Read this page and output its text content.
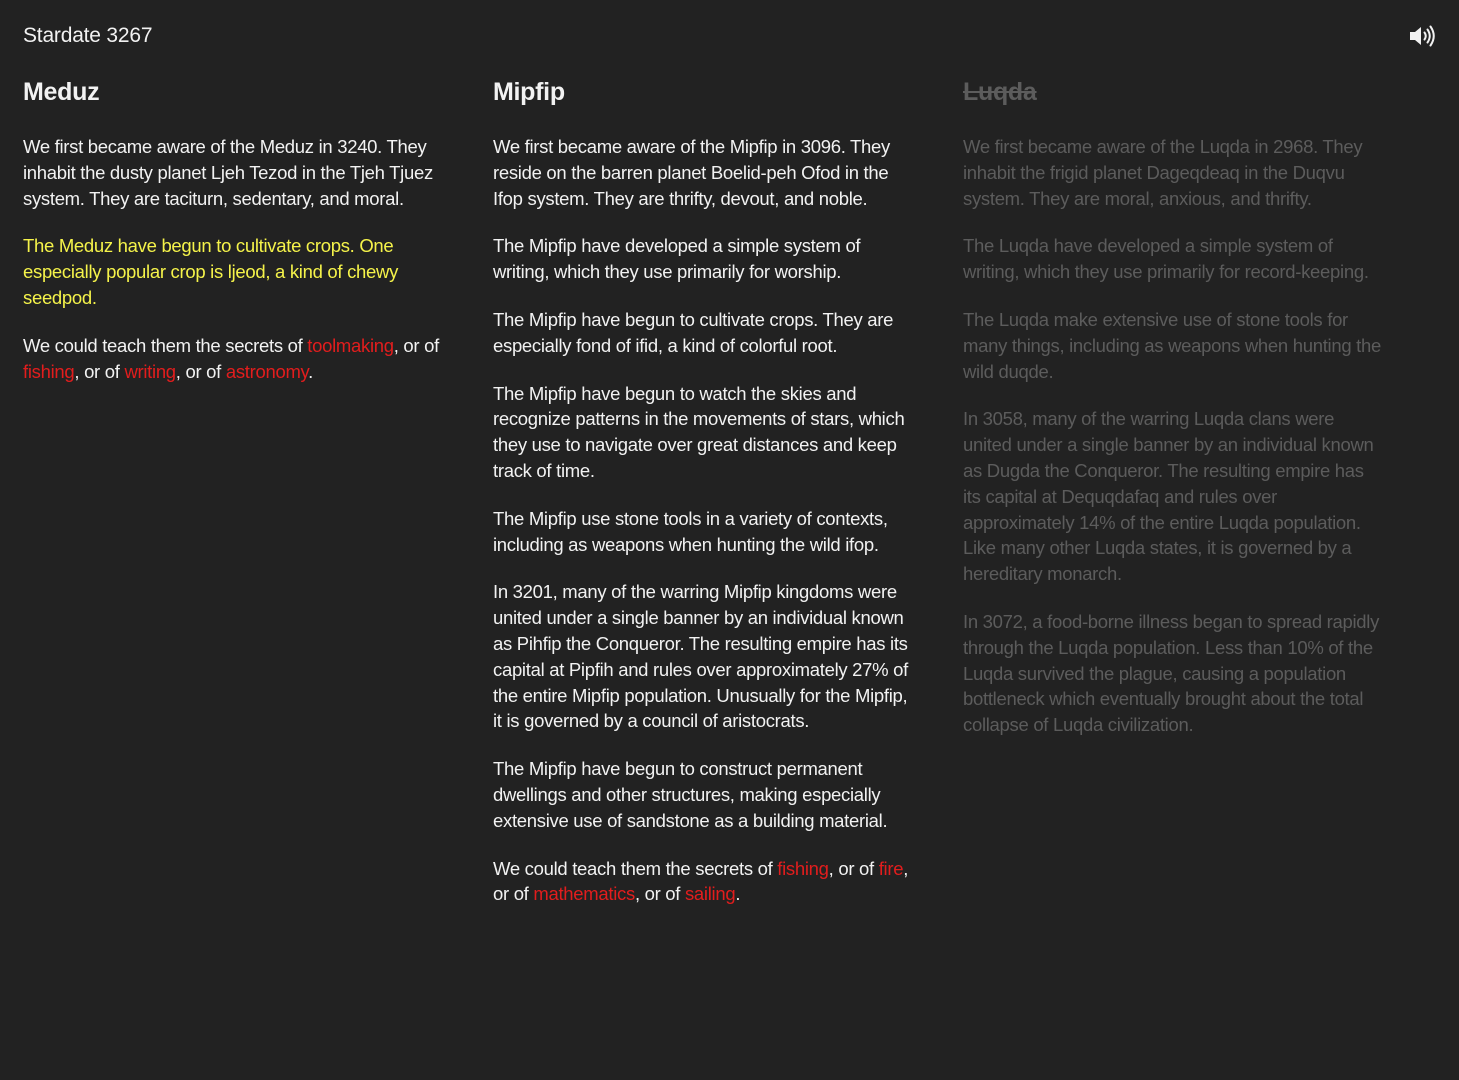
Stardate 3267
Meduz

We first became aware of the Meduz in 3240. They inhabit the dusty planet Ljeh Tezod in the Tjeh Tjuez system. They are taciturn, sedentary, and moral.

The Meduz have begun to cultivate crops. One especially popular crop is ljeod, a kind of chewy seedpod.

We could teach them the secrets of toolmaking, or of fishing, or of writing, or of astronomy.

Mipfip

We first became aware of the Mipfip in 3096. They reside on the barren planet Boelid-peh Ofod in the Ifop system. They are thrifty, devout, and noble.

The Mipfip have developed a simple system of writing, which they use primarily for worship.

The Mipfip have begun to cultivate crops. They are especially fond of ifid, a kind of colorful root.

The Mipfip have begun to watch the skies and recognize patterns in the movements of stars, which they use to navigate over great distances and keep track of time.

The Mipfip use stone tools in a variety of contexts, including as weapons when hunting the wild ifop.

In 3201, many of the warring Mipfip kingdoms were united under a single banner by an individual known as Pihfip the Conqueror. The resulting empire has its capital at Pipfih and rules over approximately 27% of the entire Mipfip population. Unusually for the Mipfip, it is governed by a council of aristocrats.

The Mipfip have begun to construct permanent dwellings and other structures, making especially extensive use of sandstone as a building material.

We could teach them the secrets of fishing, or of fire, or of mathematics, or of sailing.

Luqda

We first became aware of the Luqda in 2968. They inhabit the frigid planet Dageqdeaq in the Duqvu system. They are moral, anxious, and thrifty.

The Luqda have developed a simple system of writing, which they use primarily for record-keeping.

The Luqda make extensive use of stone tools for many things, including as weapons when hunting the wild duqde.

In 3058, many of the warring Luqda clans were united under a single banner by an individual known as Dugda the Conqueror. The resulting empire has its capital at Dequqdafaq and rules over approximately 14% of the entire Luqda population. Like many other Luqda states, it is governed by a hereditary monarch.

In 3072, a food-borne illness began to spread rapidly through the Luqda population. Less than 10% of the Luqda survived the plague, causing a population bottleneck which eventually brought about the total collapse of Luqda civilization.
